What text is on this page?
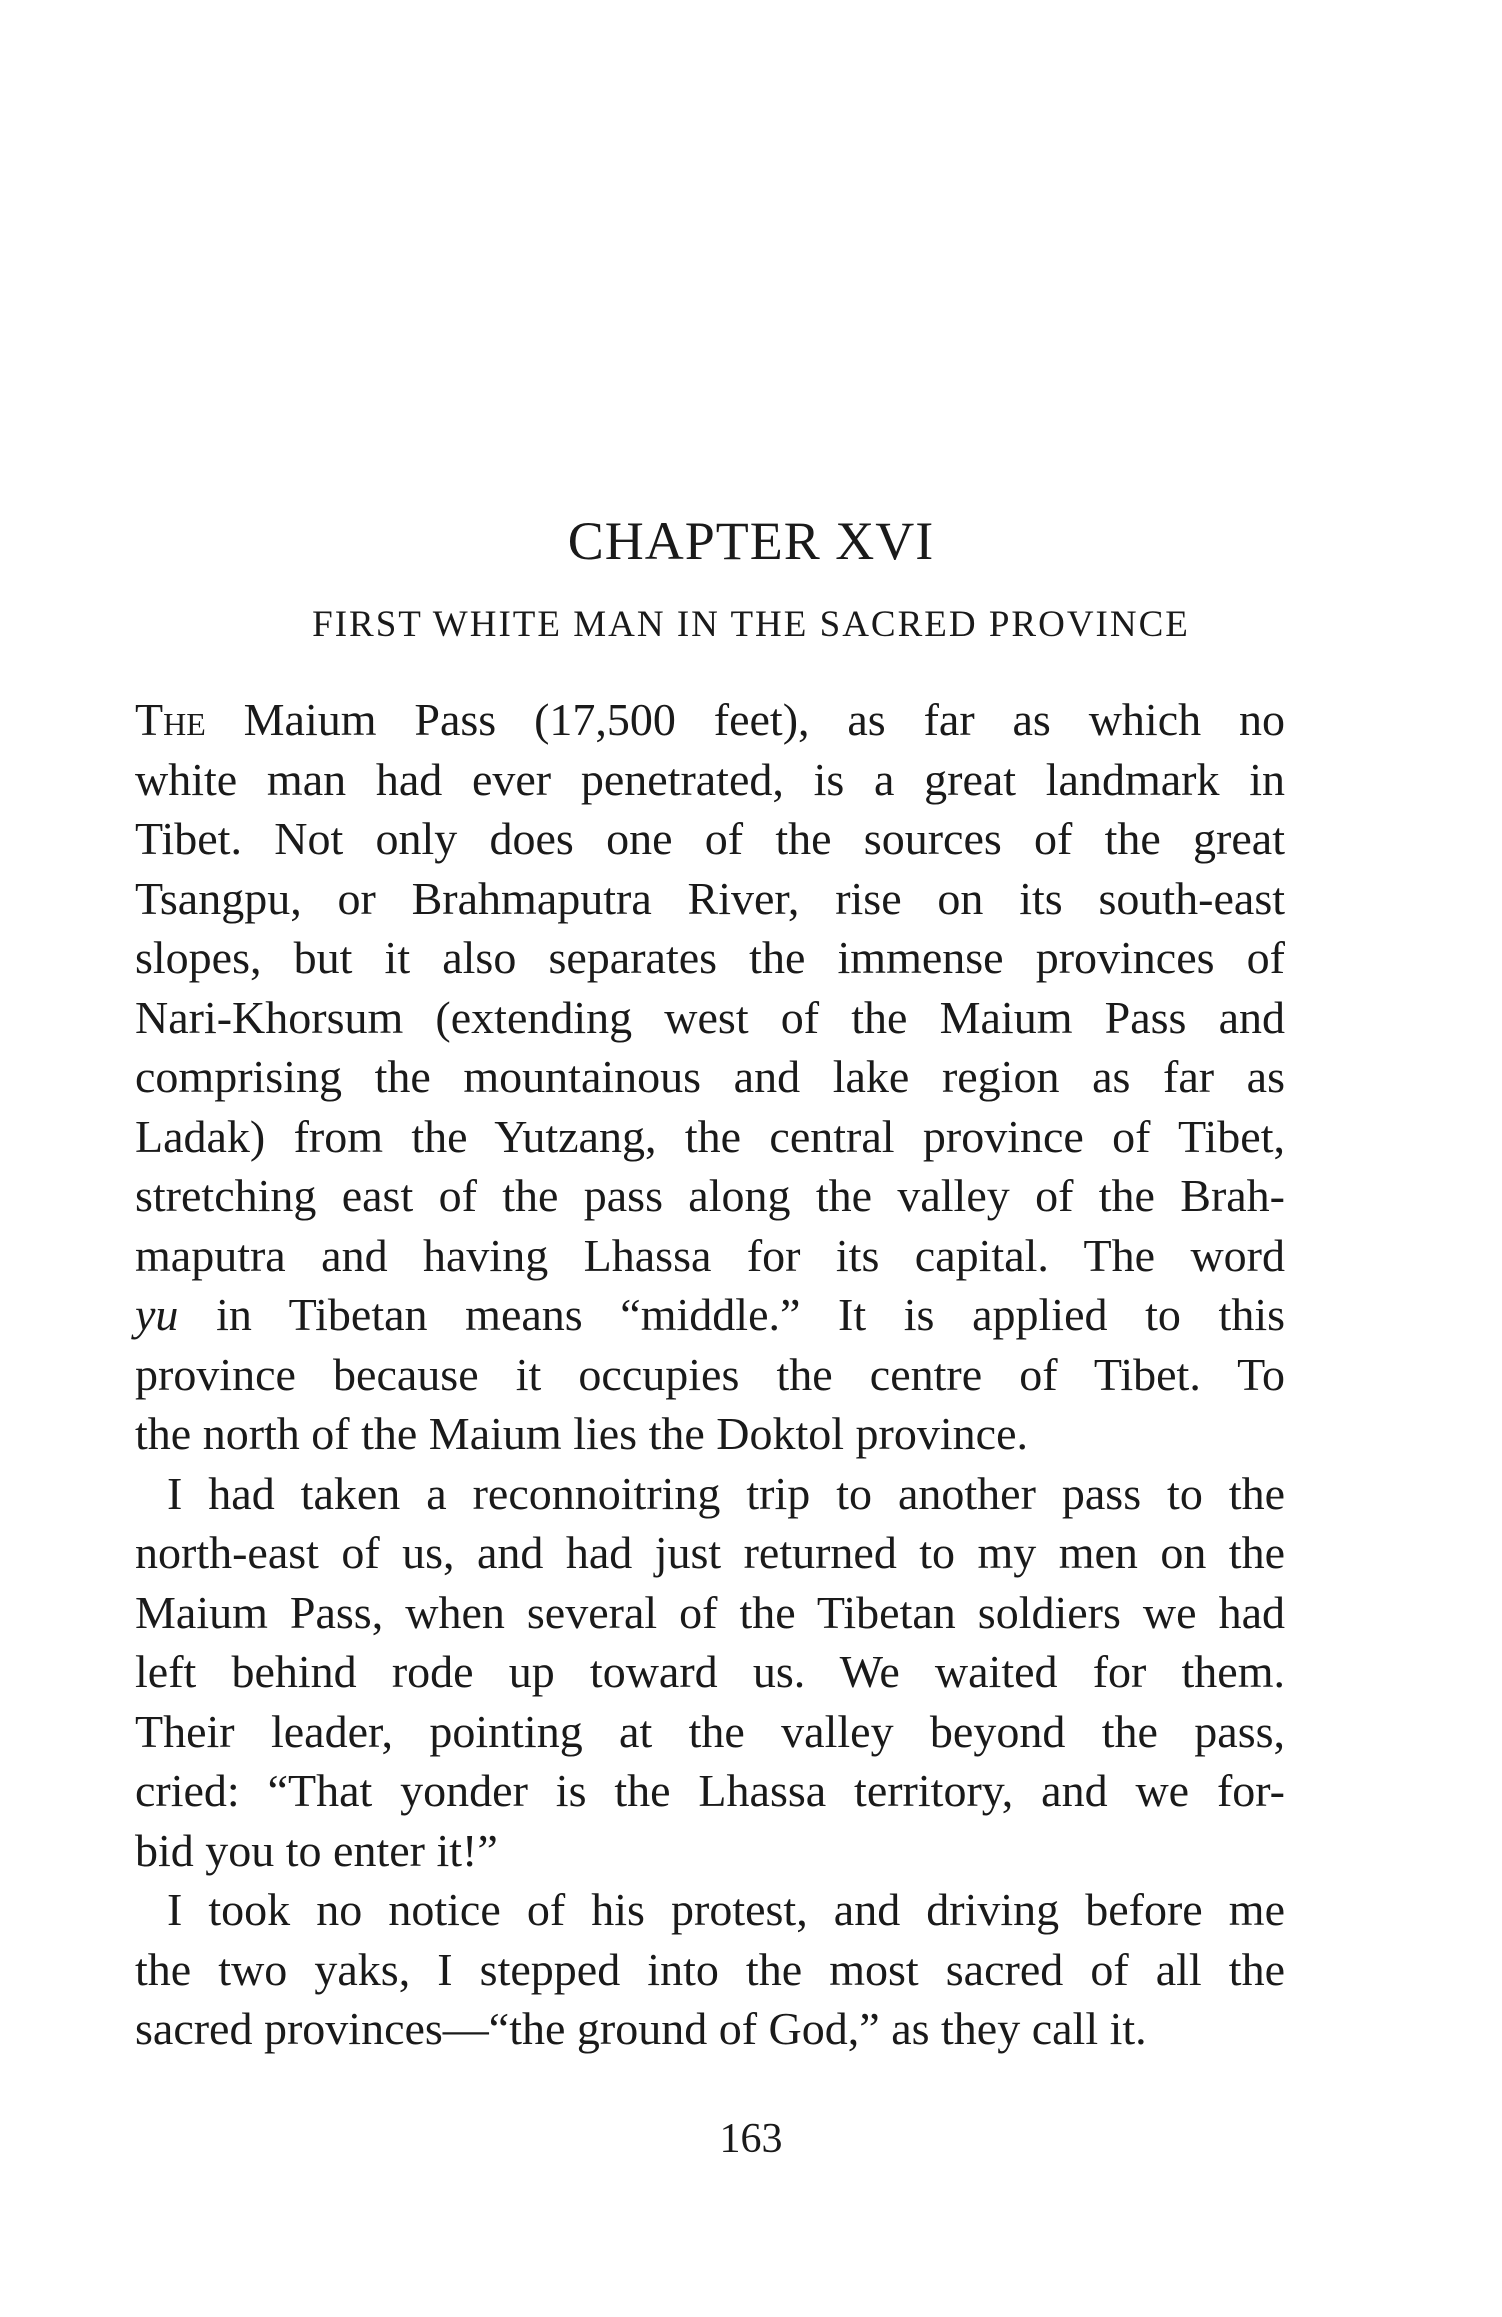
CHAPTER XVI
FIRST WHITE MAN IN THE SACRED PROVINCE
The Maium Pass (17,500 feet), as far as which no
white man had ever penetrated, is a great landmark in
Tibet. Not only does one of the sources of the great
Tsangpu, or Brahmaputra River, rise on its south-east
slopes, but it also separates the immense provinces of
Nari-Khorsum (extending west of the Maium Pass and
comprising the mountainous and lake region as far as
Ladak) from the Yutzang, the central province of Tibet,
stretching east of the pass along the valley of the Brah-
maputra and having Lhassa for its capital. The word
yu in Tibetan means “middle.” It is applied to this
province because it occupies the centre of Tibet. To
the north of the Maium lies the Doktol province.
I had taken a reconnoitring trip to another pass to the
north-east of us, and had just returned to my men on the
Maium Pass, when several of the Tibetan soldiers we had
left behind rode up toward us. We waited for them.
Their leader, pointing at the valley beyond the pass,
cried: “That yonder is the Lhassa territory, and we for-
bid you to enter it!”
I took no notice of his protest, and driving before me
the two yaks, I stepped into the most sacred of all the
sacred provinces—“the ground of God,” as they call it.
163
